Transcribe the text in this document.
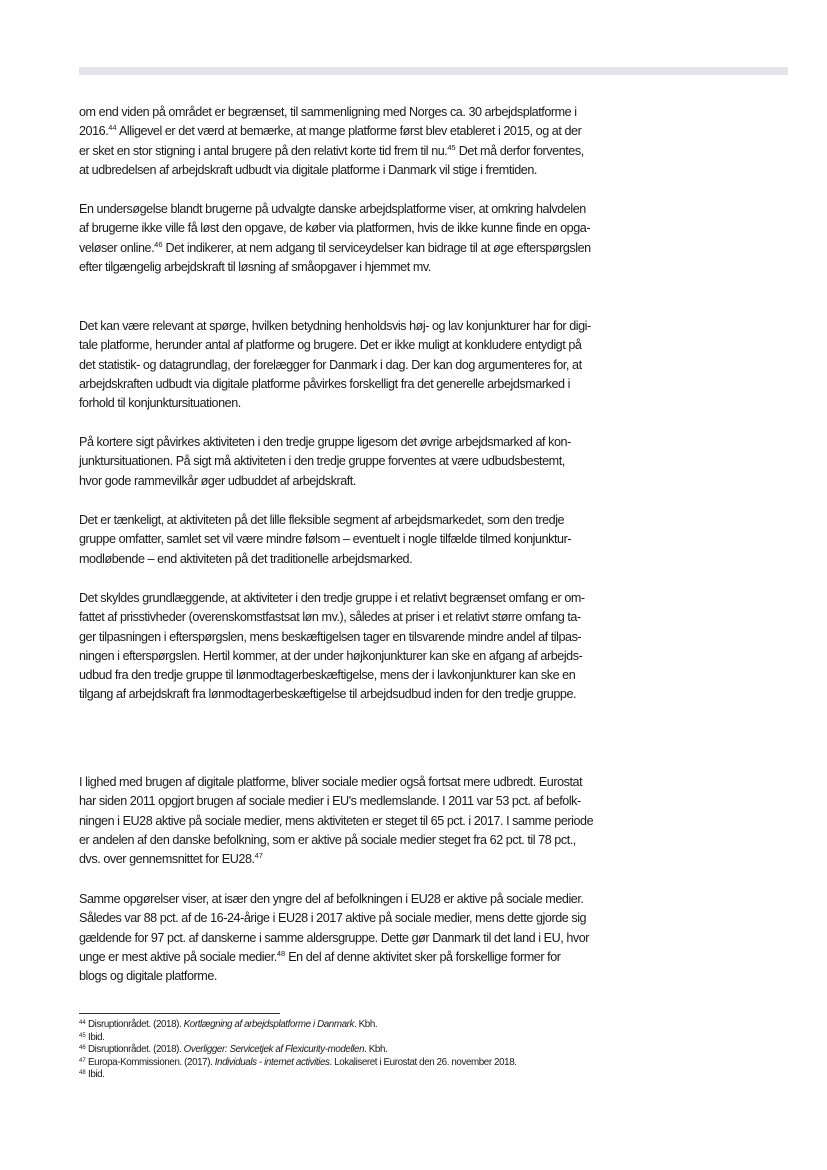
om end viden på området er begrænset, til sammenligning med Norges ca. 30 arbejdsplatforme i
2016.44 Alligevel er det værd at bemærke, at mange platforme først blev etableret i 2015, og at der
er sket en stor stigning i antal brugere på den relativt korte tid frem til nu.$^{45}$ Det må derfor forventes,
at udbredelsen af arbejdskraft udbudt via digitale platforme i Danmark vil stige i fremtiden.
En undersøgelse blandt brugerne på udvalgte danske arbejdsplatforme viser, at omkring halvdelen
af brugerne ikke ville få løst den opgave, de køber via platformen, hvis de ikke kunne finde en opga-
veløser online.$^{46}$ Det indikerer, at nem adgang til serviceydelser kan bidrage til at øge efterspørgslen
efter tilgængelig arbejdskraft til løsning af småopgaver i hjemmet mv.
Det kan være relevant at spørge, hvilken betydning henholdsvis høj- og lav konjunkturer har for digi-
tale platforme, herunder antal af platforme og brugere. Det er ikke muligt at konkludere entydigt på
det statistik- og datagrundlag, der forelægger for Danmark i dag. Der kan dog argumenteres for, at
arbejdskraften udbudt via digitale platforme påvirkes forskelligt fra det generelle arbejdsmarked i
forhold til konjunktursituationen.
På kortere sigt påvirkes aktiviteten i den tredje gruppe ligesom det øvrige arbejdsmarked af kon-
junktursituationen. På sigt må aktiviteten i den tredje gruppe forventes at være udbudsbestemt,
hvor gode rammevilkår øger udbuddet af arbejdskraft.
Det er tænkeligt, at aktiviteten på det lille fleksible segment af arbejdsmarkedet, som den tredje
gruppe omfatter, samlet set vil være mindre følsom – eventuelt i nogle tilfælde tilmed konjunktur-
modløbende – end aktiviteten på det traditionelle arbejdsmarked.
Det skyldes grundlæggende, at aktiviteter i den tredje gruppe i et relativt begrænset omfang er om-
fattet af prisstivheder (overenskomstfastsat løn mv.), således at priser i et relativt større omfang ta-
ger tilpasningen i efterspørgslen, mens beskæftigelsen tager en tilsvarende mindre andel af tilpas-
ningen i efterspørgslen. Hertil kommer, at der under højkonjunkturer kan ske en afgang af arbejds-
udbud fra den tredje gruppe til lønmodtagerbeskæftigelse, mens der i lavkonjunkturer kan ske en
tilgang af arbejdskraft fra lønmodtagerbeskæftigelse til arbejdsudbud inden for den tredje gruppe.
I lighed med brugen af digitale platforme, bliver sociale medier også fortsat mere udbredt. Eurostat
har siden 2011 opgjort brugen af sociale medier i EU's medlemslande. I 2011 var 53 pct. af befolk-
ningen i EU28 aktive på sociale medier, mens aktiviteten er steget til 65 pct. i 2017. I samme periode
er andelen af den danske befolkning, som er aktive på sociale medier steget fra 62 pct. til 78 pct.,
dvs. over gennemsnittet for EU28.47
Samme opgørelser viser, at især den yngre del af befolkningen i EU28 er aktive på sociale medier.
Således var 88 pct. af de 16-24-årige i EU28 i 2017 aktive på sociale medier, mens dette gjorde sig
gældende for 97 pct. af danskerne i samme aldersgruppe. Dette gør Danmark til det land i EU, hvor
unge er mest aktive på sociale medier.$^{48}$ En del af denne aktivitet sker på forskellige former for
blogs og digitale platforme.
$^{44}$ Disruptionrådet. (2018). Kortlægning af arbejdsplatforme i Danmark. Kbh.
$^{45}$ Ibid.
$^{46}$ Disruptionrådet. (2018). Overligger: Servicetjek af Flexicurity-modellen. Kbh.
$^{47}$ Europa-Kommissionen. (2017). Individuals - internet activities. Lokaliseret i Eurostat den 26. november 2018.
$^{48}$ Ibid.
